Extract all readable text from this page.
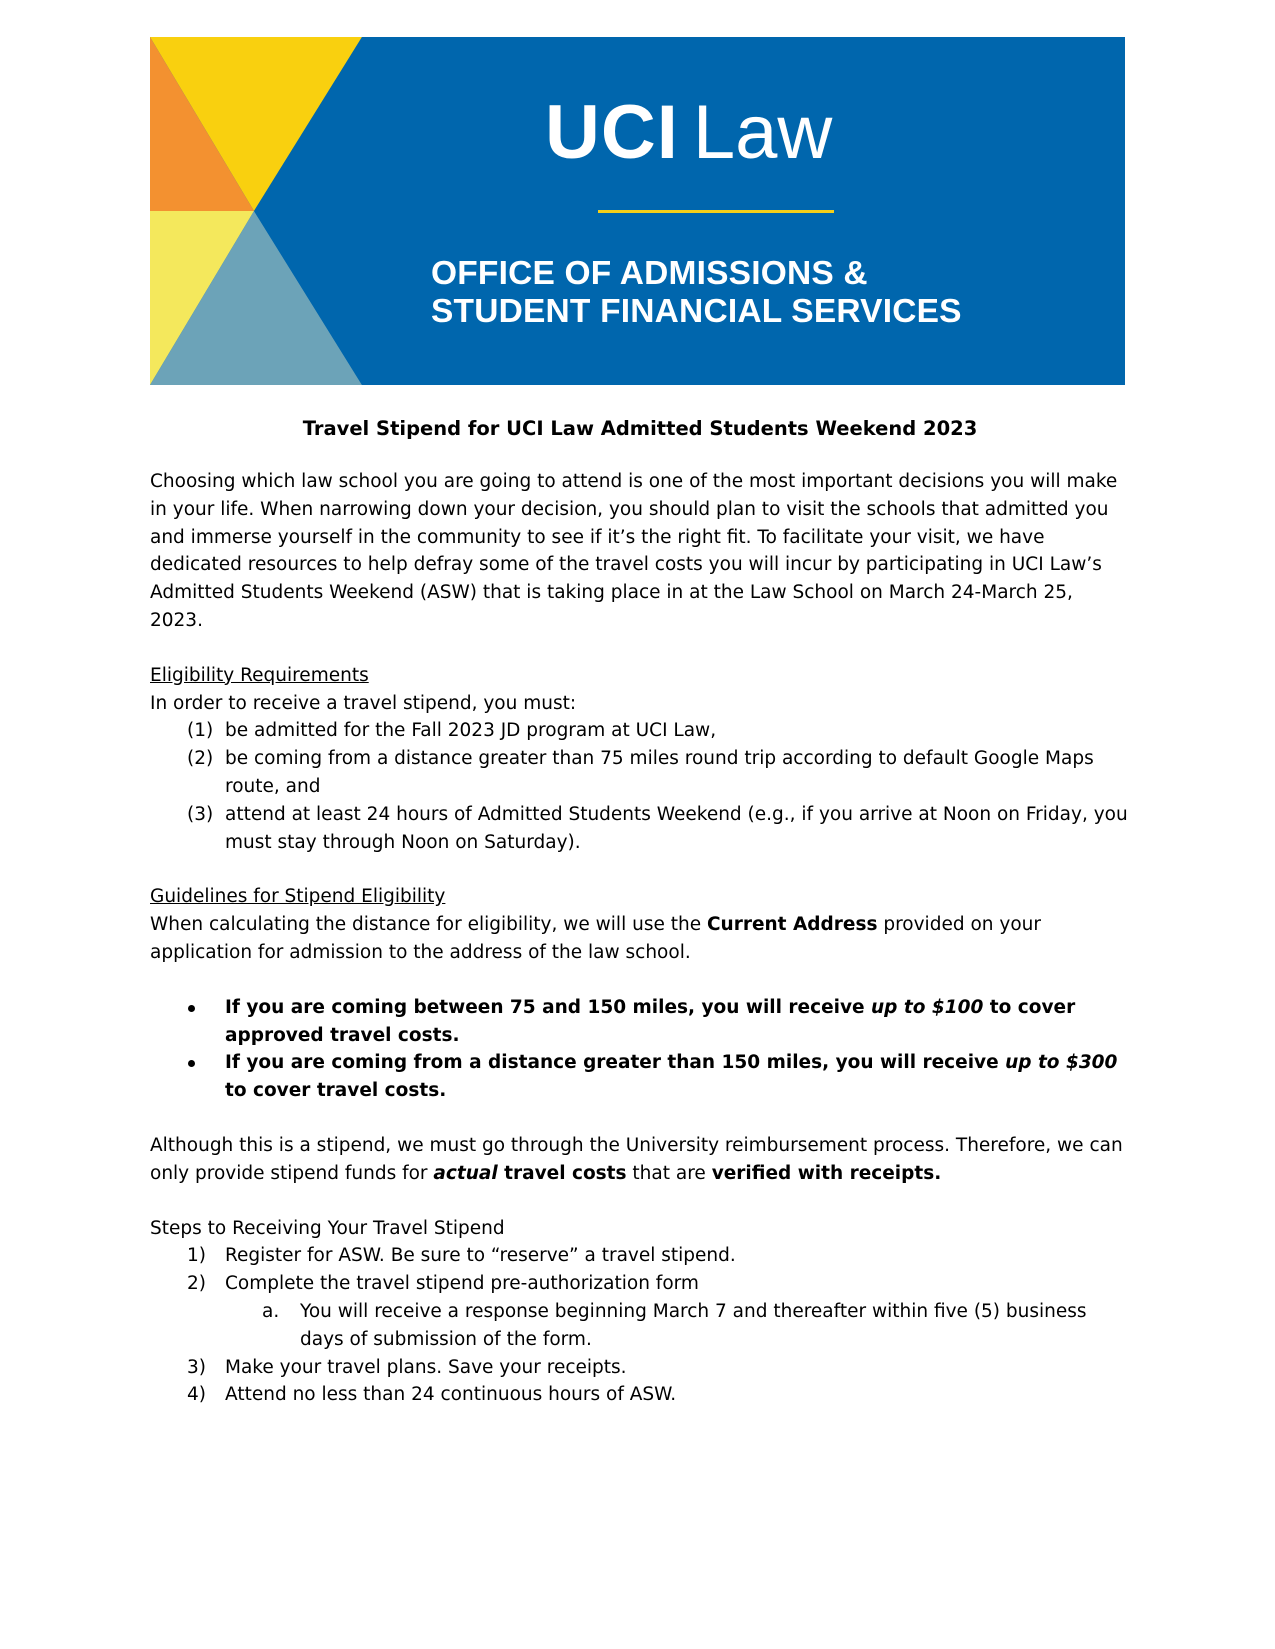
UCI Law
OFFICE OF ADMISSIONS &
STUDENT FINANCIAL SERVICES

Travel Stipend for UCI Law Admitted Students Weekend 2023

Choosing which law school you are going to attend is one of the most important decisions you will make in your life. When narrowing down your decision, you should plan to visit the schools that admitted you and immerse yourself in the community to see if it’s the right fit. To facilitate your visit, we have dedicated resources to help defray some of the travel costs you will incur by participating in UCI Law’s Admitted Students Weekend (ASW) that is taking place in at the Law School on March 24-March 25, 2023.

Eligibility Requirements

In order to receive a travel stipend, you must:

(1) be admitted for the Fall 2023 JD program at UCI Law,
(2) be coming from a distance greater than 75 miles round trip according to default Google Maps route, and
(3) attend at least 24 hours of Admitted Students Weekend (e.g., if you arrive at Noon on Friday, you must stay through Noon on Saturday).

Guidelines for Stipend Eligibility

When calculating the distance for eligibility, we will use the Current Address provided on your application for admission to the address of the law school.

If you are coming between 75 and 150 miles, you will receive up to $100 to cover approved travel costs.
If you are coming from a distance greater than 150 miles, you will receive up to $300 to cover travel costs.

Although this is a stipend, we must go through the University reimbursement process. Therefore, we can only provide stipend funds for actual travel costs that are verified with receipts.

Steps to Receiving Your Travel Stipend

1) Register for ASW. Be sure to “reserve” a travel stipend.
2) Complete the travel stipend pre-authorization form
a. You will receive a response beginning March 7 and thereafter within five (5) business days of submission of the form.
3) Make your travel plans. Save your receipts.
4) Attend no less than 24 continuous hours of ASW.
